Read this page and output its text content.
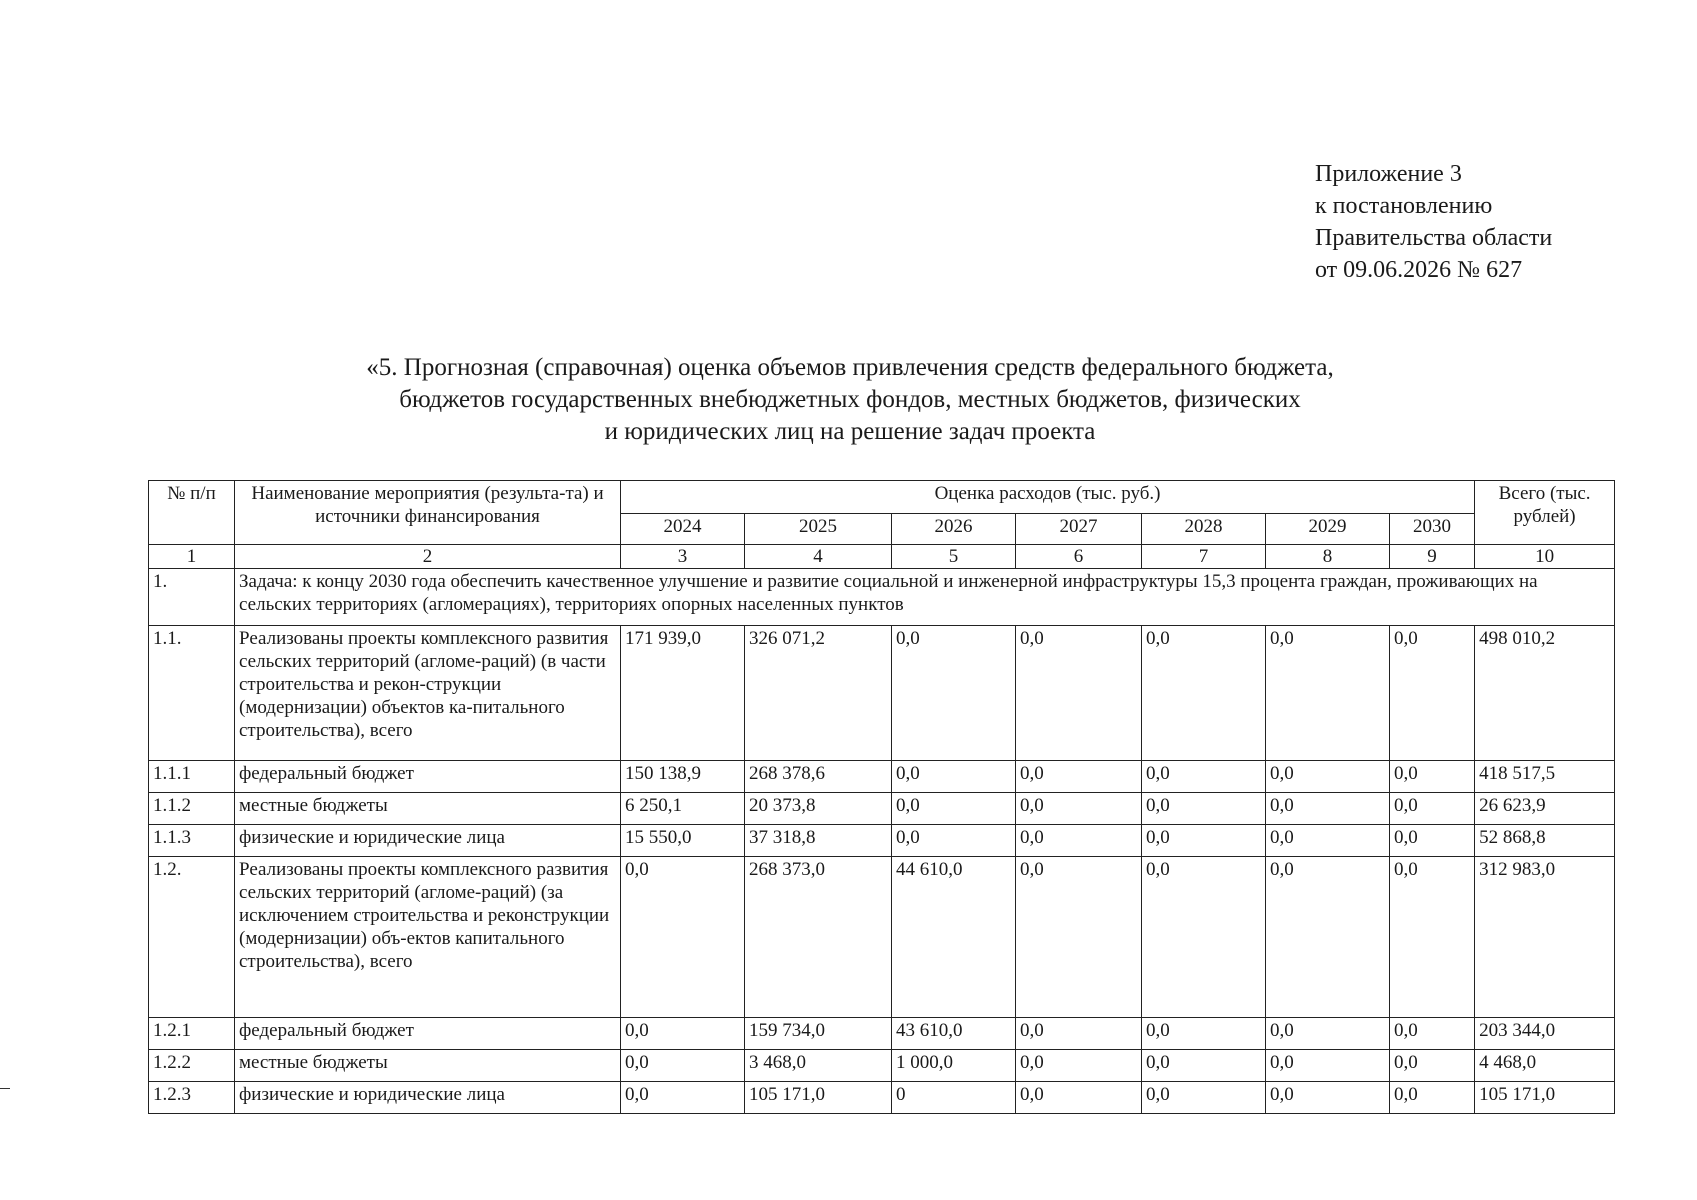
Приложение 3
к постановлению
Правительства области
от 09.06.2026 № 627
«5. Прогнозная (справочная) оценка объемов привлечения средств федерального бюджета,
бюджетов государственных внебюджетных фондов, местных бюджетов, физических
и юридических лиц на решение задач проекта
№ п/п	Наименование мероприятия (результа-та) и источники финансирования	Оценка расходов (тыс. руб.)							Всего (тыс. рублей)
		2024	2025	2026	2027	2028	2029	2030	
1	2	3	4	5	6	7	8	9	10
1.	Задача: к концу 2030 года обеспечить качественное улучшение и развитие социальной и инженерной инфраструктуры 15,3 процента граждан, проживающих на сельских территориях (агломерациях), территориях опорных населенных пунктов								
1.1.	Реализованы проекты комплексного развития сельских территорий (агломе-раций) (в части строительства и рекон-струкции (модернизации) объектов ка-питального строительства), всего	171 939,0	326 071,2	0,0	0,0	0,0	0,0	0,0	498 010,2
1.1.1	федеральный бюджет	150 138,9	268 378,6	0,0	0,0	0,0	0,0	0,0	418 517,5
1.1.2	местные бюджеты	6 250,1	20 373,8	0,0	0,0	0,0	0,0	0,0	26 623,9
1.1.3	физические и юридические лица	15 550,0	37 318,8	0,0	0,0	0,0	0,0	0,0	52 868,8
1.2.	Реализованы проекты комплексного развития сельских территорий (агломе-раций) (за исключением строительства и реконструкции (модернизации) объ-ектов капитального строительства), всего	0,0	268 373,0	44 610,0	0,0	0,0	0,0	0,0	312 983,0
1.2.1	федеральный бюджет	0,0	159 734,0	43 610,0	0,0	0,0	0,0	0,0	203 344,0
1.2.2	местные бюджеты	0,0	3 468,0	1 000,0	0,0	0,0	0,0	0,0	4 468,0
1.2.3	физические и юридические лица	0,0	105 171,0	0	0,0	0,0	0,0	0,0	105 171,0
